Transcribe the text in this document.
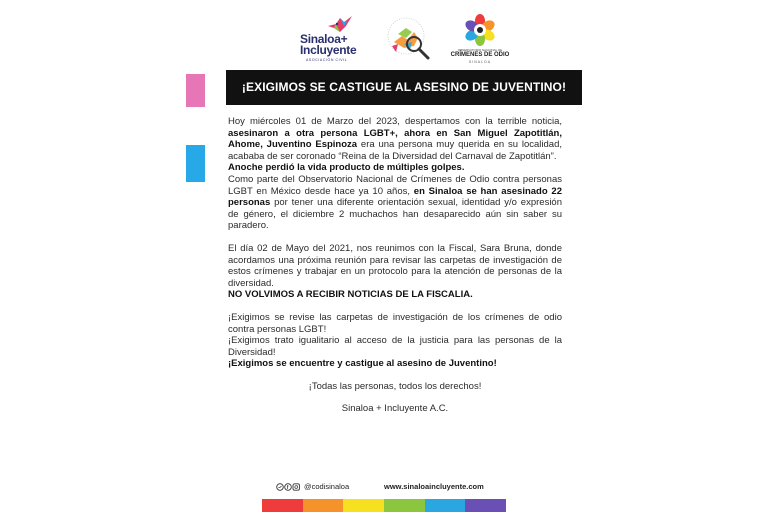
Sinaloa+
Incluyente
ASOCIACIÓN CIVIL
OBSERVATORIO NACIONAL DE
CRÍMENES DE ODIO
SINALOA
¡EXIGIMOS SE CASTIGUE AL ASESINO DE JUVENTINO!

Hoy miércoles 01 de Marzo del 2023, despertamos con la terrible noticia, asesinaron a otra persona LGBT+, ahora en San Miguel Zapotitlán, Ahome, Juventino Espinoza era una persona muy querida en su localidad, acababa de ser coronado “Reina de la Diversidad del Carnaval de Zapotitlán”.

Anoche perdió la vida producto de múltiples golpes.

Como parte del Observatorio Nacional de Crímenes de Odio contra personas LGBT en México desde hace ya 10 años, en Sinaloa se han asesinado 22 personas por tener una diferente orientación sexual, identidad y/o expresión de género, el diciembre 2 muchachos han desaparecido aún sin saber su paradero.

El día 02 de Mayo del 2021, nos reunimos con la Fiscal, Sara Bruna, donde acordamos una próxima reunión para revisar las carpetas de investigación de estos crímenes y trabajar en un protocolo para la atención de personas de la diversidad.

NO VOLVIMOS A RECIBIR NOTICIAS DE LA FISCALIA.

¡Exigimos se revise las carpetas de investigación de los crímenes de odio contra personas LGBT!

¡Exigimos trato igualitario al acceso de la justicia para las personas de la Diversidad!

¡Exigimos se encuentre y castigue al asesino de Juventino!

¡Todas las personas, todos los derechos!

Sinaloa + Incluyente A.C.

f @codisinaloa	www.sinaloaincluyente.com
